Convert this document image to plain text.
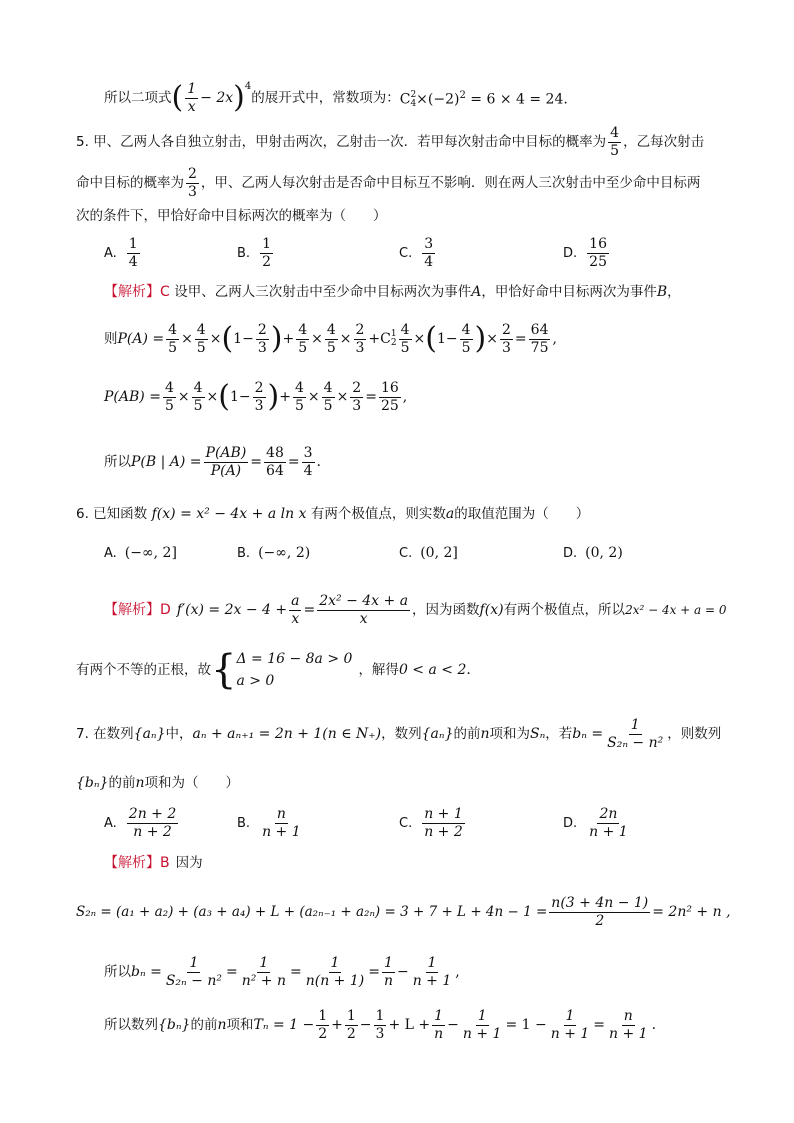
所以二项式 ( $\frac{1}{x} - 2x$ ) 4
的展开式中，常数项为： C 2
$4 \times(-2)^2 = 6 \times 4 = 24$.
5. 甲、乙两人各自独立射击，甲射击两次，乙射击一次．若甲每次射击命中目标的概率为 $\frac{4}{5}$ ，乙每次射击
命中目标的概率为 $\frac{2}{3}$ ，甲、乙两人每次射击是否命中目标互不影响．则在两人三次射击中至少命中目标两
次的条件下，甲恰好命中目标两次的概率为（　　）
A. $\frac{1}{4}$	B. $\frac{1}{2}$	C. $\frac{3}{4}$	D. $\frac{16}{25}$
【解析】C 设甲、乙两人三次射击中至少命中目标两次为事件A，甲恰好命中目标两次为事件B，
则 $P(A) = \frac{4}{5} \times \frac{4}{5}$ × ( $1- \frac{2}{3}$ ) + $\frac{4}{5} \times \frac{4}{5} \times \frac{2}{3} +C$ 1
$2 \frac{4}{5}$ × ( $1- \frac{4}{5}$ ) × $\frac{2}{3} = \frac{64}{75}$ ,
$P(AB) = \frac{4}{5} \times \frac{4}{5}$ × ( $1- \frac{2}{3}$ ) + $\frac{4}{5} \times \frac{4}{5} \times \frac{2}{3} = \frac{16}{25}$ ,
所以 P(B | $A) = \frac{P(AB)}{P(A)} = \frac{48}{64} = \frac{3}{4}$ .
6. 已知函数 f(x) = x² − 4x + a ln x 有两个极值点，则实数a的取值范围为（　　）
A. (−∞, 2]	B. (−∞, 2)	C. (0, 2]	D. (0, 2)
【解析】 D $f'(x) = 2x - 4 + \frac{a}{x} = \frac{\text{2x² − 4x + a}}{x}$ ，因为函数 f(x) 有两个极值点，所以 2x² − 4x + a = 0
有两个不等的正根，故 { Δ = 16 − 8a > 0
a > 0
，解得 0 < a < 2 .
7. 在数列 {aₙ} 中， aₙ + aₙ₊₁ = 2n + 1(n ∈ N₊) ，数列 {aₙ} 的前 n 项和为 Sₙ ，若 $b_n = \frac{1}{\text{S₂ₙ − n²}}$ ，则数列
{bₙ}的前n项和为（　　）
A. $\frac{2n + 2}{n + 2}$	B. $\frac{n}{n + 1}$	C. $\frac{n + 1}{n + 2}$	D. $\frac{2n}{n + 1}$
【解析】B 因为
$S_{2n} = (a_1 + a_2) + (a_3 + a_4) + L + (a_{2n-1} + a_{2n}) = 3 + 7 + L + 4n - 1 = \frac{n(3 + 4n - 1)}{2} = 2n^2 + n$ ,
所以 $b_n = \frac{1}{\text{S₂ₙ − n²}} = \frac{1}{\text{n² + n}} = \frac{1}{n(n + 1)} = \frac{1}{n} - \frac{1}{n + 1}$ ,
所以数列 {bₙ} 的前 n 项和 $T_n = 1 - \frac{1}{2} + \frac{1}{2} - \frac{1}{3} + L + \frac{1}{n} - \frac{1}{n + 1} = 1 - \frac{1}{n + 1} = \frac{n}{n + 1}$ .
